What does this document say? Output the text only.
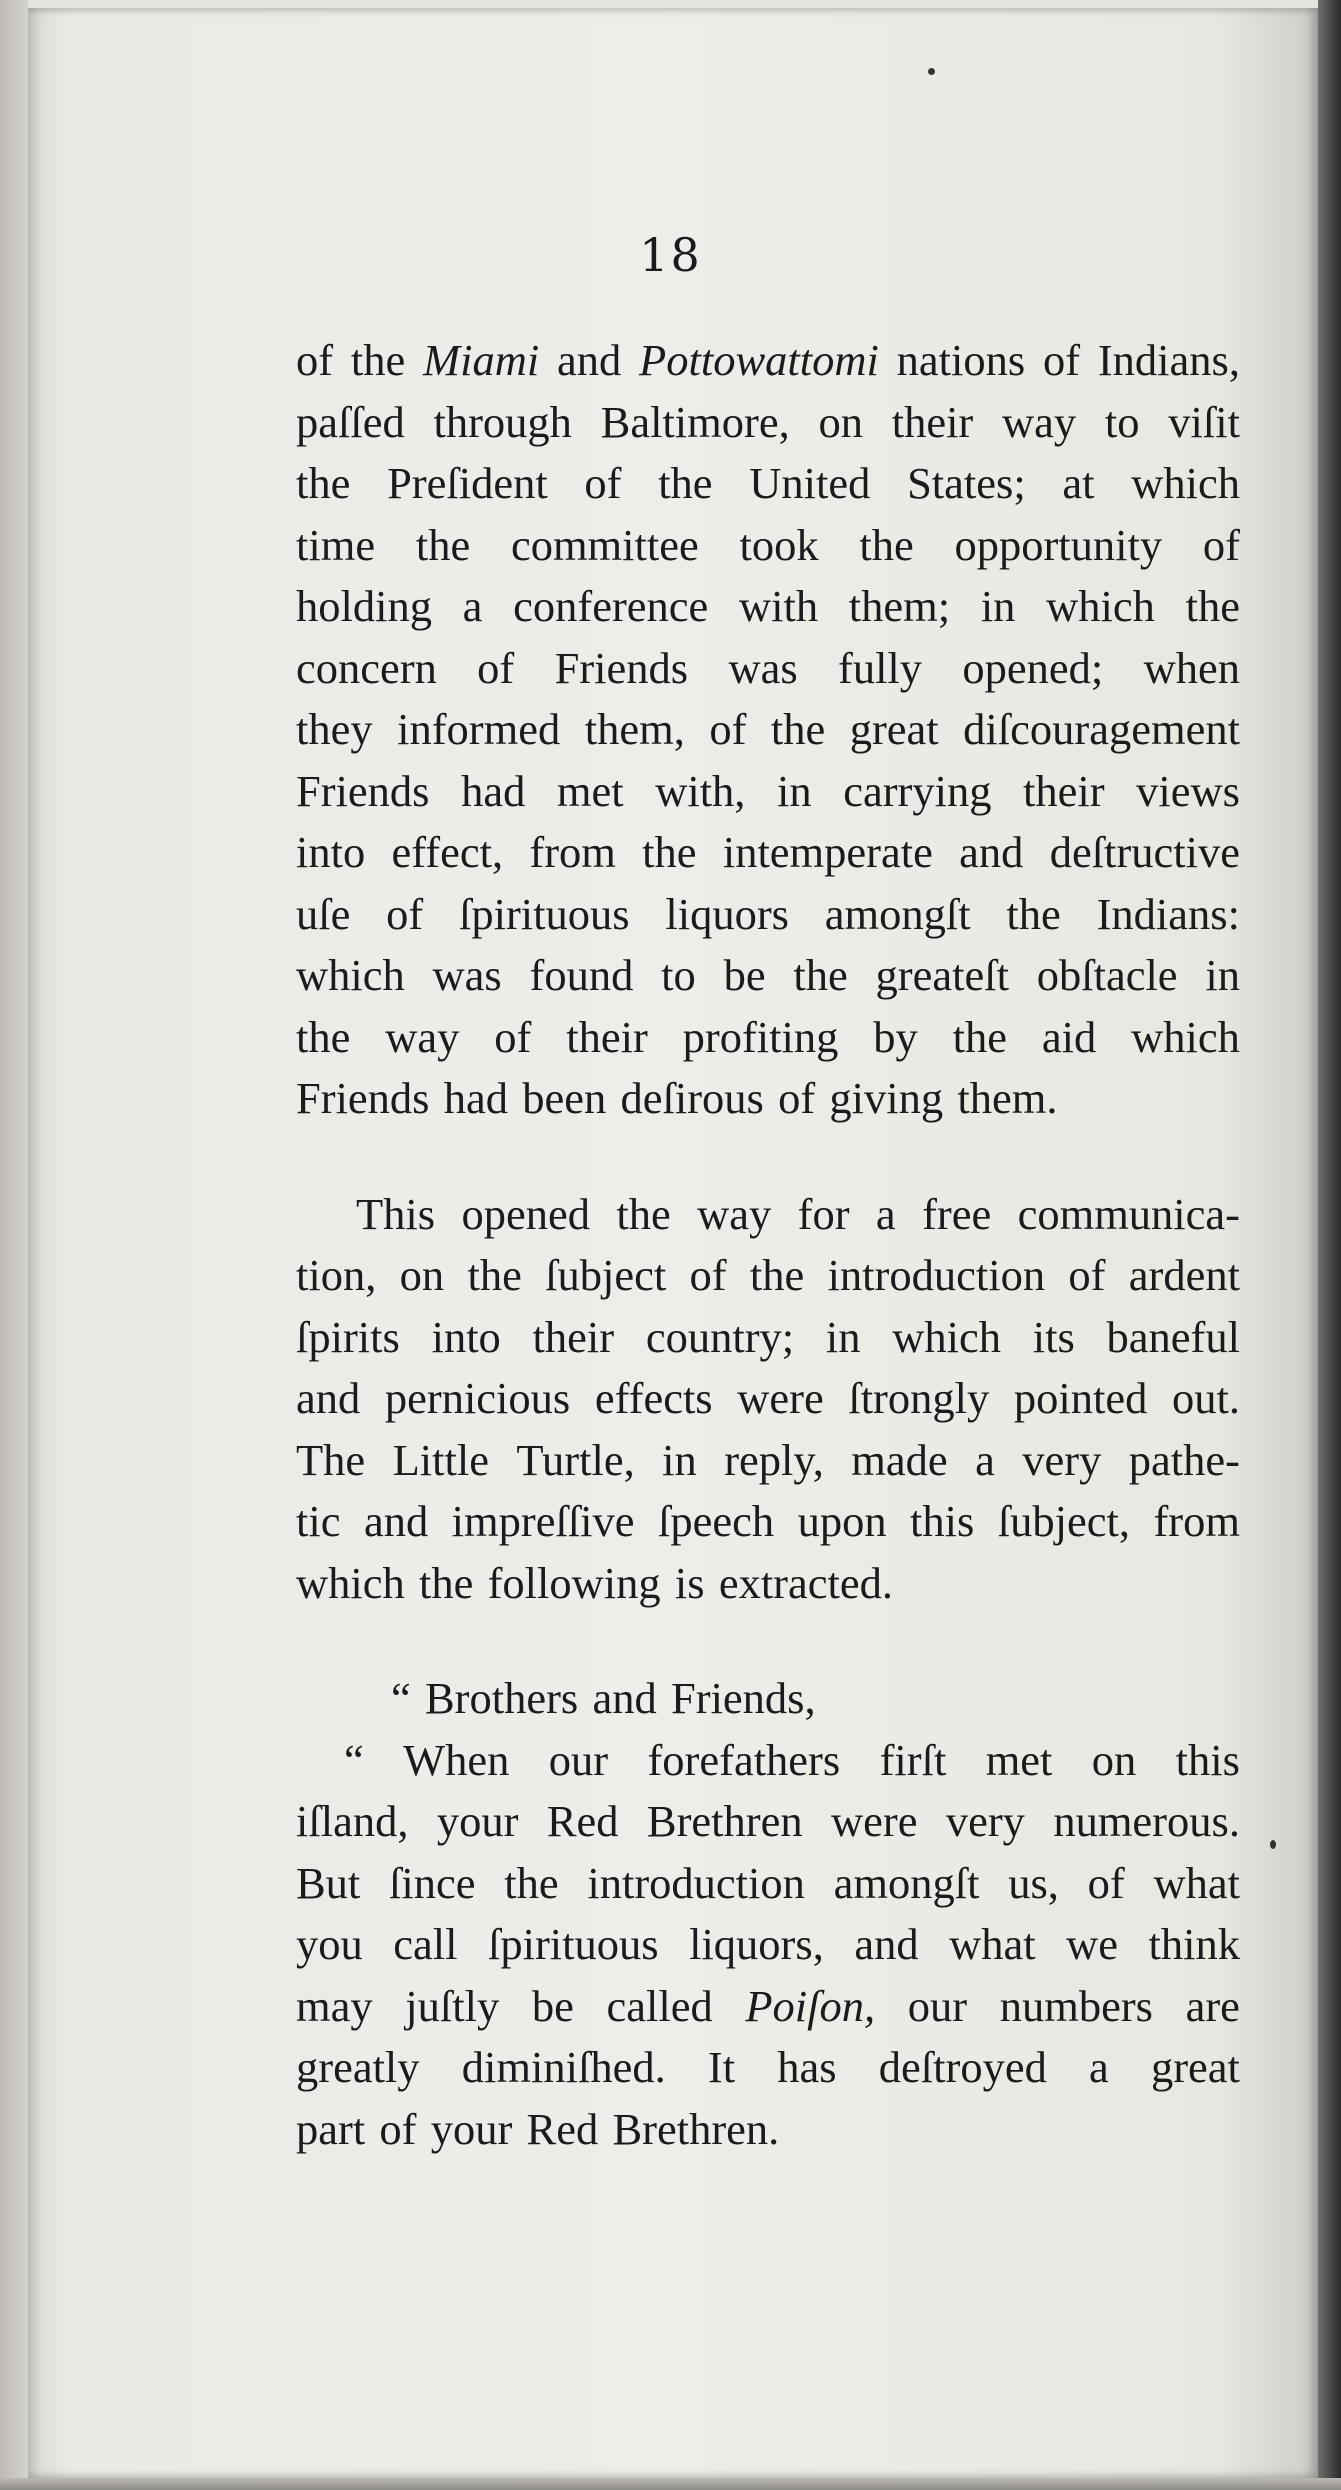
18
of the Miami and Pottowattomi nations of Indians,
paſſed through Baltimore, on their way to viſit
the Preſident of the United States; at which
time the committee took the opportunity of
holding a conference with them; in which the
concern of Friends was fully opened; when
they informed them, of the great diſcouragement
Friends had met with, in carrying their views
into effect, from the intemperate and deſtructive
uſe of ſpirituous liquors amongſt the Indians:
which was found to be the greateſt obſtacle in
the way of their profiting by the aid which
Friends had been deſirous of giving them.
This opened the way for a free communica-
tion, on the ſubject of the introduction of ardent
ſpirits into their country; in which its baneful
and pernicious effects were ſtrongly pointed out.
The Little Turtle, in reply, made a very pathe-
tic and impreſſive ſpeech upon this ſubject, from
which the following is extracted.
“ Brothers and Friends,
“ When our forefathers firſt met on this
iſland, your Red Brethren were very numerous.
But ſince the introduction amongſt us, of what
you call ſpirituous liquors, and what we think
may juſtly be called Poiſon, our numbers are
greatly diminiſhed. It has deſtroyed a great
part of your Red Brethren.
